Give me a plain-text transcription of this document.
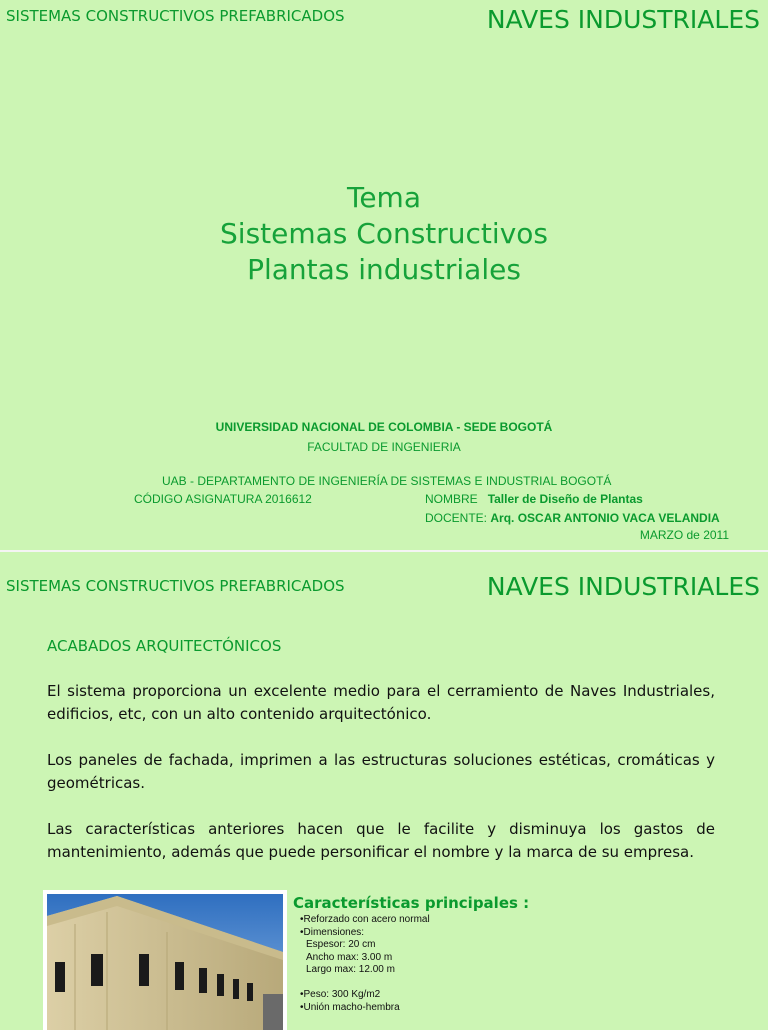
SISTEMAS CONSTRUCTIVOS PREFABRICADOS	NAVES INDUSTRIALES
Tema
Sistemas Constructivos
Plantas industriales
UNIVERSIDAD NACIONAL DE COLOMBIA - SEDE BOGOTÁ
FACULTAD DE INGENIERIA
UAB - DEPARTAMENTO DE INGENIERÍA DE SISTEMAS E INDUSTRIAL BOGOTÁ
CÓDIGO ASIGNATURA 2016612	NOMBRE Taller de Diseño de Plantas
DOCENTE: Arq. OSCAR ANTONIO VACA VELANDIA
MARZO de 2011
SISTEMAS CONSTRUCTIVOS PREFABRICADOS	NAVES INDUSTRIALES
ACABADOS ARQUITECTÓNICOS
El sistema proporciona un excelente medio para el cerramiento de Naves Industriales, edificios, etc, con un alto contenido arquitectónico.
Los paneles de fachada, imprimen a las estructuras soluciones estéticas, cromáticas y geométricas.
Las características anteriores hacen que le facilite y disminuya los gastos de mantenimiento, además que puede personificar el nombre y la marca de su empresa.
Características principales :
•Reforzado con acero normal
•Dimensiones:
Espesor: 20 cm
Ancho max: 3.00 m
Largo max: 12.00 m
•Peso: 300 Kg/m2
•Unión macho-hembra
